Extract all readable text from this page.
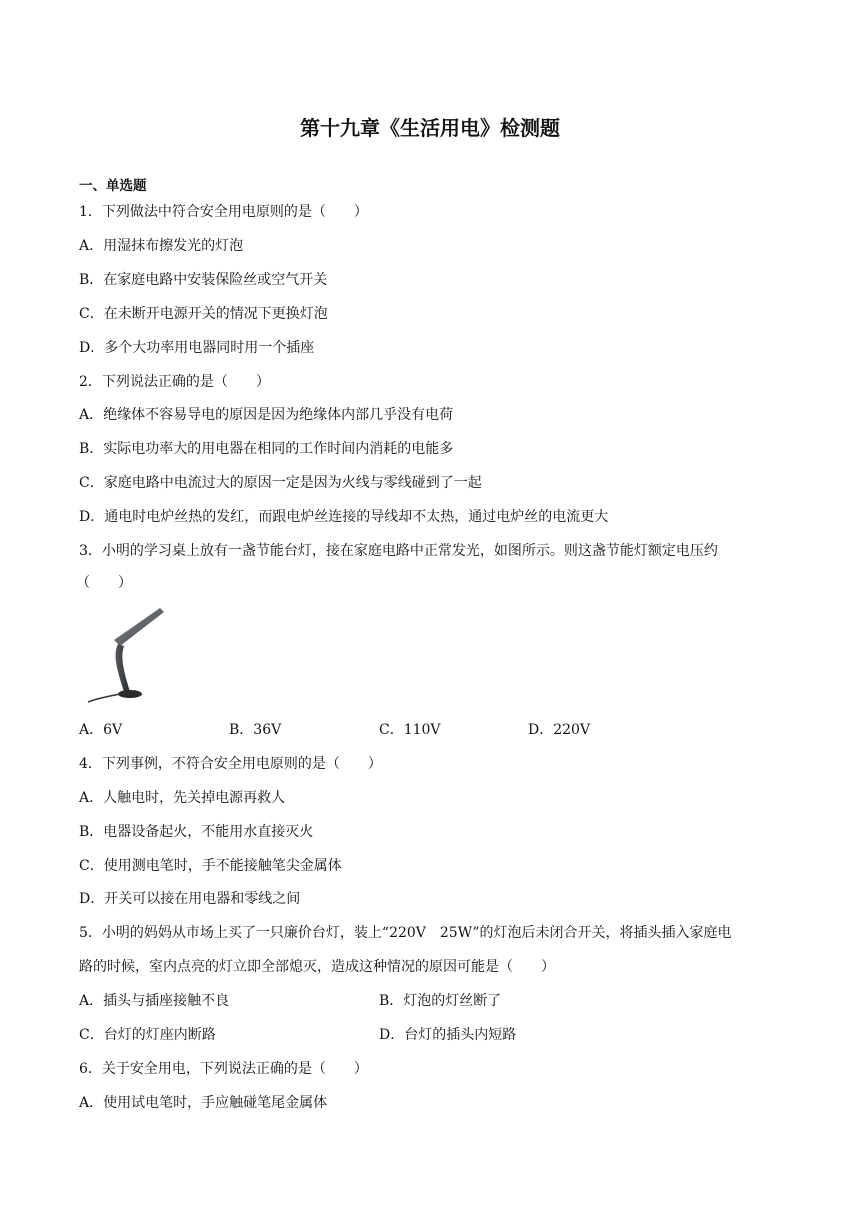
第十九章《生活用电》检测题
一、单选题
1．下列做法中符合安全用电原则的是（　　）
A．用湿抹布擦发光的灯泡
B．在家庭电路中安装保险丝或空气开关
C．在未断开电源开关的情况下更换灯泡
D．多个大功率用电器同时用一个插座
2．下列说法正确的是（　　）
A．绝缘体不容易导电的原因是因为绝缘体内部几乎没有电荷
B．实际电功率大的用电器在相同的工作时间内消耗的电能多
C．家庭电路中电流过大的原因一定是因为火线与零线碰到了一起
D．通电时电炉丝热的发红，而跟电炉丝连接的导线却不太热，通过电炉丝的电流更大
3．小明的学习桌上放有一盏节能台灯，接在家庭电路中正常发光，如图所示。则这盏节能灯额定电压约
（　　）
A．6V	B．36V	C．110V	D．220V
4．下列事例，不符合安全用电原则的是（　　）
A．人触电时，先关掉电源再救人
B．电器设备起火，不能用水直接灭火
C．使用测电笔时，手不能接触笔尖金属体
D．开关可以接在用电器和零线之间
5．小明的妈妈从市场上买了一只廉价台灯，装上“220V　25W”的灯泡后未闭合开关，将插头插入家庭电
路的时候，室内点亮的灯立即全部熄灭，造成这种情况的原因可能是（　　）
A．插头与插座接触不良	B．灯泡的灯丝断了
C．台灯的灯座内断路	D．台灯的插头内短路
6．关于安全用电，下列说法正确的是（　　）
A．使用试电笔时，手应触碰笔尾金属体
